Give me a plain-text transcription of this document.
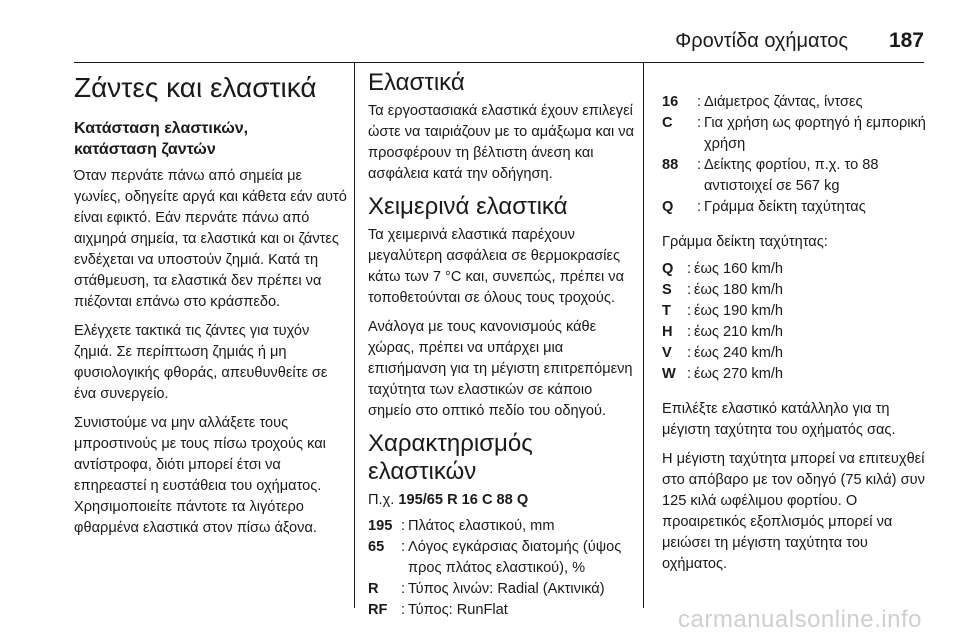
Φροντίδα οχήματος 187
Ζάντες και ελαστικά
Κατάσταση ελαστικών,
κατάσταση ζαντών

Όταν περνάτε πάνω από σημεία με γωνίες, οδηγείτε αργά και κάθετα εάν αυτό είναι εφικτό. Εάν περνάτε πάνω από αιχμηρά σημεία, τα ελαστικά και οι ζάντες ενδέχεται να υποστούν ζημιά. Κατά τη στάθμευση, τα ελαστικά δεν πρέπει να πιέζονται επάνω στο κράσπεδο.

Ελέγχετε τακτικά τις ζάντες για τυχόν ζημιά. Σε περίπτωση ζημιάς ή μη φυσιολογικής φθοράς, απευθυνθείτε σε ένα συνεργείο.

Συνιστούμε να μην αλλάξετε τους μπροστινούς με τους πίσω τροχούς και αντίστροφα, διότι μπορεί έτσι να επηρεαστεί η ευστάθεια του οχήματος. Χρησιμοποιείτε πάντοτε τα λιγότερο φθαρμένα ελαστικά στον πίσω άξονα.

Ελαστικά

Τα εργοστασιακά ελαστικά έχουν επιλεγεί ώστε να ταιριάζουν με το αμάξωμα και να προσφέρουν τη βέλτιστη άνεση και ασφάλεια κατά την οδήγηση.

Χειμερινά ελαστικά

Τα χειμερινά ελαστικά παρέχουν μεγαλύτερη ασφάλεια σε θερμοκρασίες κάτω των 7 °C και, συνεπώς, πρέπει να τοποθετούνται σε όλους τους τροχούς.

Ανάλογα με τους κανονισμούς κάθε χώρας, πρέπει να υπάρχει μια επισήμανση για τη μέγιστη επιτρεπόμενη ταχύτητα των ελαστικών σε κάποιο σημείο στο οπτικό πεδίο του οδηγού.

Χαρακτηρισμός ελαστικών

Π.χ. 195/65 R 16 C 88 Q

195 : Πλάτος ελαστικού, mm
65	: Λόγος εγκάρσιας διατομής (ύψος προς πλάτος ελαστικού), %
R	: Τύπος λινών: Radial (Ακτινικά)
RF : Τύπος: RunFlat
16	: Διάμετρος ζάντας, ίντσες
C	: Για χρήση ως φορτηγό ή εμπορική χρήση
88	: Δείκτης φορτίου, π.χ. το 88 αντιστοιχεί σε 567 kg
Q	: Γράμμα δείκτη ταχύτητας

Γράμμα δείκτη ταχύτητας:

Q : έως 160 km/h
S	: έως 180 km/h
T	: έως 190 km/h
H : έως 210 km/h
V	: έως 240 km/h
W : έως 270 km/h

Επιλέξτε ελαστικό κατάλληλο για τη μέγιστη ταχύτητα του οχήματός σας.

Η μέγιστη ταχύτητα μπορεί να επιτευχθεί στο απόβαρο με τον οδηγό (75 κιλά) συν 125 κιλά ωφέλιμου φορτίου. Ο προαιρετικός εξοπλισμός μπορεί να μειώσει τη μέγιστη ταχύτητα του οχήματος.

carmanualsonline.info
